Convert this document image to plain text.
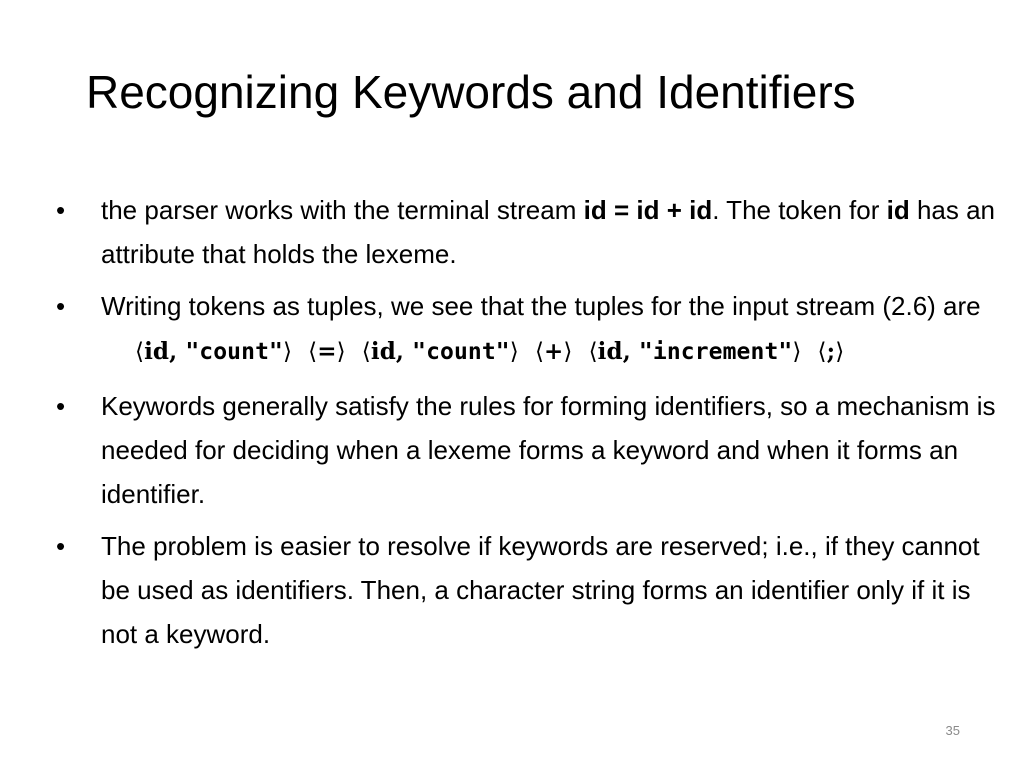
Recognizing Keywords and Identifiers
•	the parser works with the terminal stream id = id + id. The token for id has an attribute that holds the lexeme.
•	Writing tokens as tuples, we see that the tuples for the input stream (2.6) are
⟨id, "count"⟩ ⟨=⟩ ⟨id, "count"⟩ ⟨+⟩ ⟨id, "increment"⟩ ⟨;⟩
•	Keywords generally satisfy the rules for forming identifiers, so a mechanism is needed for deciding when a lexeme forms a keyword and when it forms an identifier.
•	The problem is easier to resolve if keywords are reserved; i.e., if they cannot be used as identifiers. Then, a character string forms an identifier only if it is not a keyword.
35
